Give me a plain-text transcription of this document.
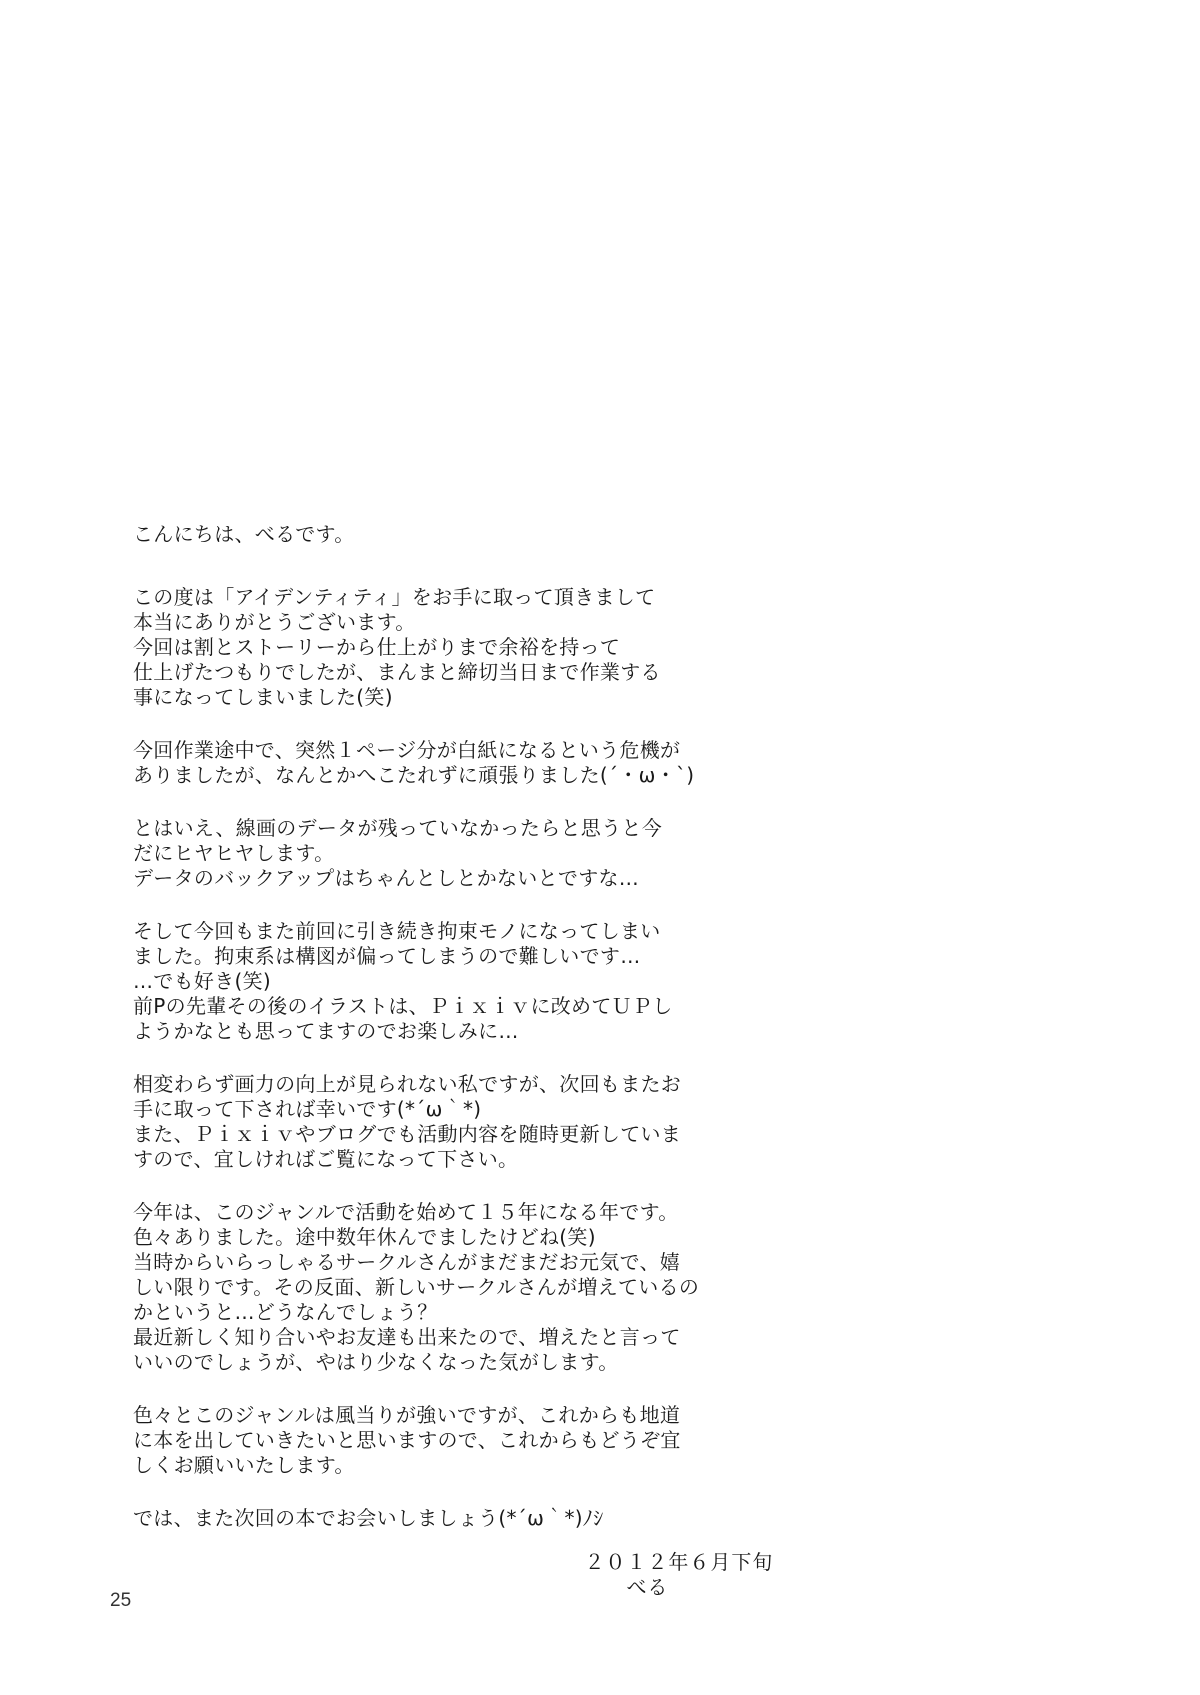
こんにちは、べるです。
この度は「アイデンティティ」をお手に取って頂きまして
本当にありがとうございます。
今回は割とストーリーから仕上がりまで余裕を持って
仕上げたつもりでしたが、まんまと締切当日まで作業する
事になってしまいました(笑)
今回作業途中で、突然１ページ分が白紙になるという危機が
ありましたが、なんとかへこたれずに頑張りました(´・ω・`)
とはいえ、線画のデータが残っていなかったらと思うと今
だにヒヤヒヤします。
データのバックアップはちゃんとしとかないとですな…
そして今回もまた前回に引き続き拘束モノになってしまい
ました。拘束系は構図が偏ってしまうので難しいです…
…でも好き(笑)
前Pの先輩その後のイラストは、Ｐｉｘｉｖに改めてＵＰし
ようかなとも思ってますのでお楽しみに…
相変わらず画力の向上が見られない私ですが、次回もまたお
手に取って下されば幸いです(*´ω｀*)
また、Ｐｉｘｉｖやブログでも活動内容を随時更新していま
すので、宜しければご覧になって下さい。
今年は、このジャンルで活動を始めて１５年になる年です。
色々ありました。途中数年休んでましたけどね(笑)
当時からいらっしゃるサークルさんがまだまだお元気で、嬉
しい限りです。その反面、新しいサークルさんが増えているの
かというと…どうなんでしょう？
最近新しく知り合いやお友達も出来たので、増えたと言って
いいのでしょうが、やはり少なくなった気がします。
色々とこのジャンルは風当りが強いですが、これからも地道
に本を出していきたいと思いますので、これからもどうぞ宜
しくお願いいたします。
では、また次回の本でお会いしましょう(*´ω｀*)ﾉｼ

２０１２年６月下旬
べる

25
